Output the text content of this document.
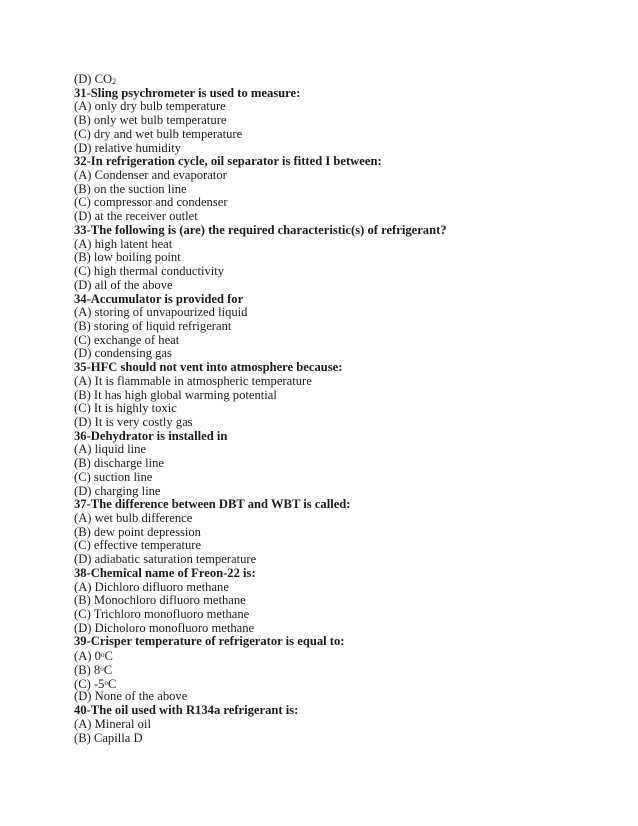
(D) CO2
31-Sling psychrometer is used to measure:
(A) only dry bulb temperature
(B) only wet bulb temperature
(C) dry and wet bulb temperature
(D) relative humidity
32-In refrigeration cycle, oil separator is fitted I between:
(A) Condenser and evaporator
(B) on the suction line
(C) compressor and condenser
(D) at the receiver outlet
33-The following is (are) the required characteristic(s) of refrigerant?
(A) high latent heat
(B) low boiling point
(C) high thermal conductivity
(D) all of the above
34-Accumulator is provided for
(A) storing of unvapourized liquid
(B) storing of liquid refrigerant
(C) exchange of heat
(D) condensing gas
35-HFC should not vent into atmosphere because:
(A) It is flammable in atmospheric temperature
(B) It has high global warming potential
(C) It is highly toxic
(D) It is very costly gas
36-Dehydrator is installed in
(A) liquid line
(B) discharge line
(C) suction line
(D) charging line
37-The difference between DBT and WBT is called:
(A) wet bulb difference
(B) dew point depression
(C) effective temperature
(D) adiabatic saturation temperature
38-Chemical name of Freon-22 is:
(A) Dichloro difluoro methane
(B) Monochloro difluoro methane
(C) Trichloro monofluoro methane
(D) Dicholoro monofluoro methane
39-Crisper temperature of refrigerator is equal to:
(A) 0$^o$C
(B) 8$^o$C
(C) -5$^o$C
(D) None of the above
40-The oil used with R134a refrigerant is:
(A) Mineral oil
(B) Capilla D
